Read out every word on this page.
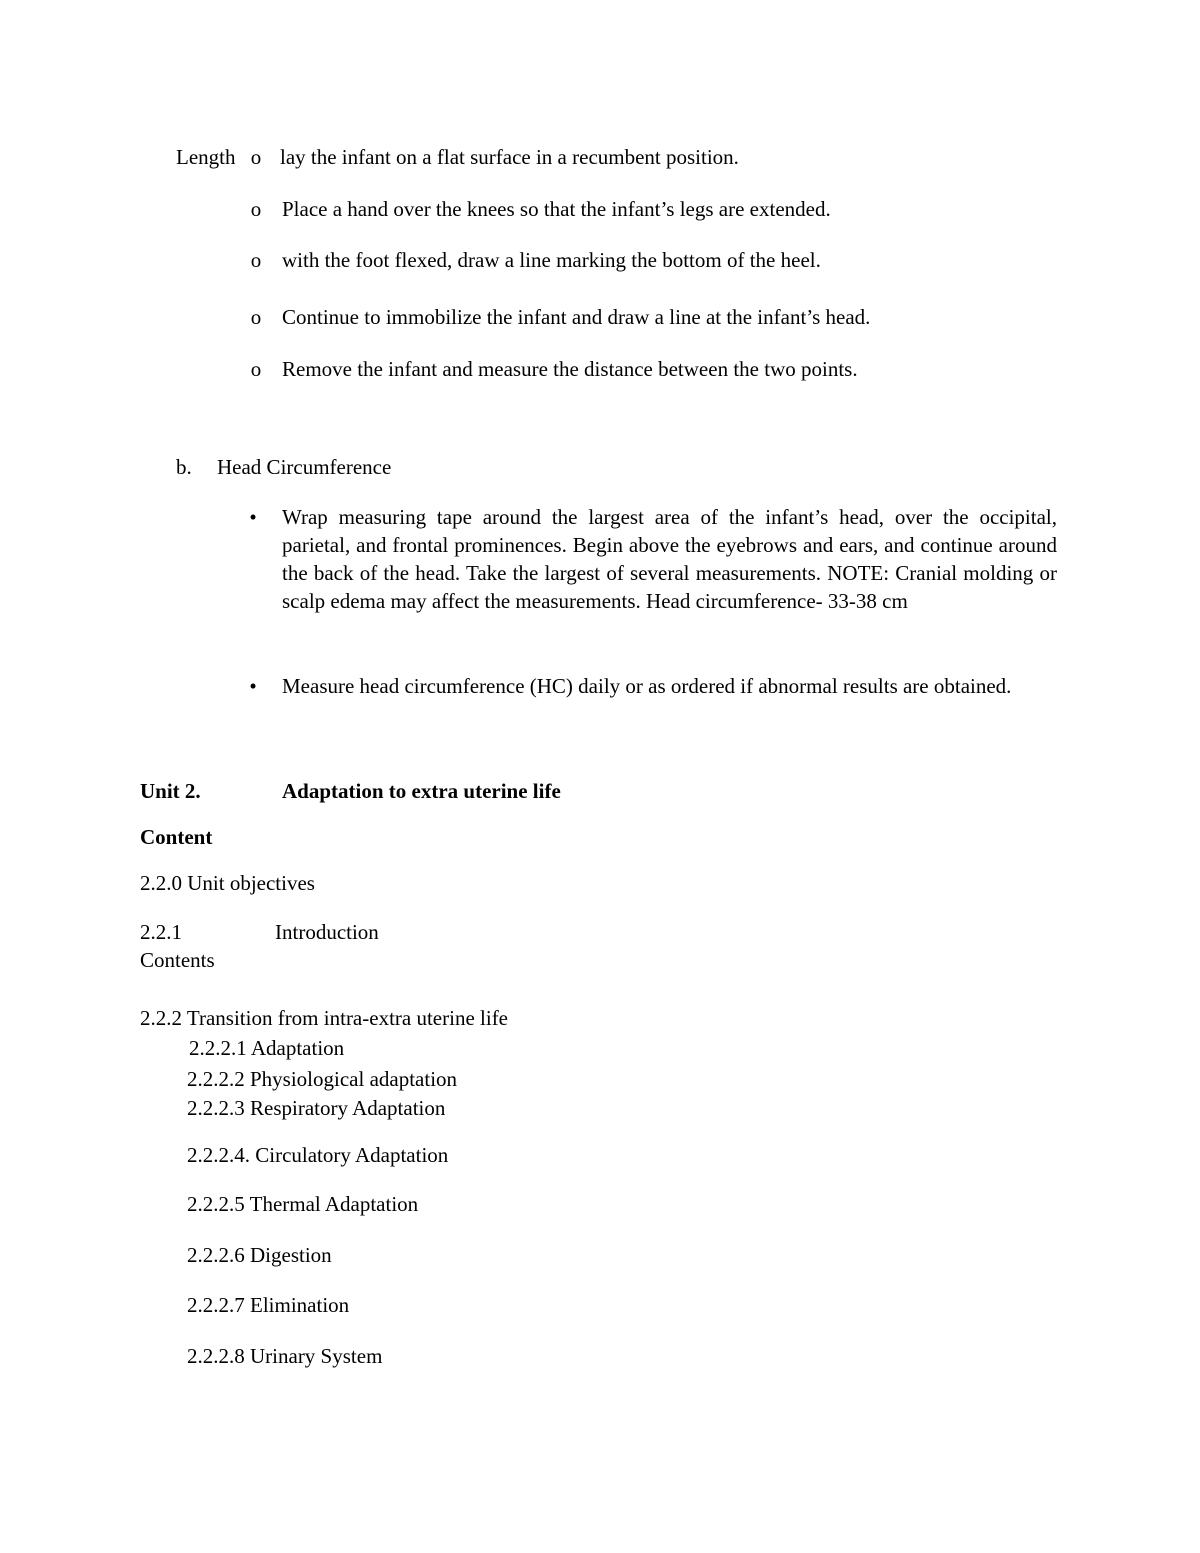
Length o lay the infant on a flat surface in a recumbent position.
o Place a hand over the knees so that the infant’s legs are extended.
o with the foot flexed, draw a line marking the bottom of the heel.
o Continue to immobilize the infant and draw a line at the infant’s head.
o Remove the infant and measure the distance between the two points.
b. Head Circumference
•	Wrap measuring tape around the largest area of the infant’s head, over the occipital, parietal, and frontal prominences. Begin above the eyebrows and ears, and continue around the back of the head. Take the largest of several measurements. NOTE: Cranial molding or scalp edema may affect the measurements. Head circumference- 33-38 cm
•	Measure head circumference (HC) daily or as ordered if abnormal results are obtained.
Unit 2.	Adaptation to extra uterine life
Content
2.2.0 Unit objectives
2.2.1	Introduction
Contents
2.2.2 Transition from intra-extra uterine life
2.2.2.1 Adaptation
2.2.2.2 Physiological adaptation
2.2.2.3 Respiratory Adaptation
2.2.2.4. Circulatory Adaptation
2.2.2.5 Thermal Adaptation
2.2.2.6 Digestion
2.2.2.7 Elimination
2.2.2.8 Urinary System
